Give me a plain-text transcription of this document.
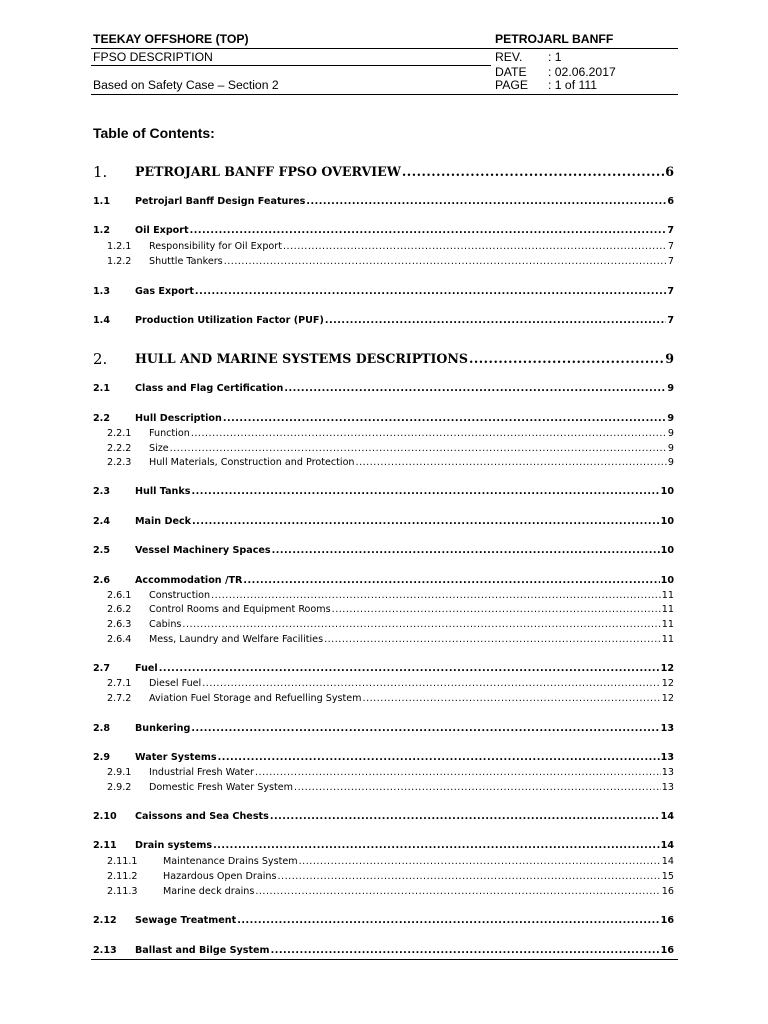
TEEKAY OFFSHORE (TOP)	PETROJARL BANFF
FPSO DESCRIPTION	REV. : 1
DATE : 02.06.2017
Based on Safety Case – Section 2	PAGE : 1 of 111
Table of Contents:
1. PETROJARL BANFF FPSO OVERVIEW .....	6
1.1	Petrojarl Banff Design Features .....	6
1.2	Oil Export .....	7
1.2.1 Responsibility for Oil Export .....	7
1.2.2 Shuttle Tankers .....	7
1.3	Gas Export .....	7
1.4	Production Utilization Factor (PUF) .....	7
2. HULL AND MARINE SYSTEMS DESCRIPTIONS .....	9
2.1	Class and Flag Certification .....	9
2.2	Hull Description .....	9
2.2.1 Function .....	9
2.2.2 Size .....	9
2.2.3 Hull Materials, Construction and Protection .....	9
2.3	Hull Tanks .....	10
2.4	Main Deck .....	10
2.5	Vessel Machinery Spaces .....	10
2.6	Accommodation /TR .....	10
2.6.1 Construction .....	11
2.6.2 Control Rooms and Equipment Rooms .....	11
2.6.3 Cabins .....	11
2.6.4 Mess, Laundry and Welfare Facilities .....	11
2.7	Fuel .....	12
2.7.1 Diesel Fuel .....	12
2.7.2 Aviation Fuel Storage and Refuelling System .....	12
2.8	Bunkering .....	13
2.9	Water Systems .....	13
2.9.1 Industrial Fresh Water .....	13
2.9.2 Domestic Fresh Water System .....	13
2.10 Caissons and Sea Chests .....	14
2.11 Drain systems .....	14
2.11.1	Maintenance Drains System .....	14
2.11.2	Hazardous Open Drains .....	15
2.11.3	Marine deck drains .....	16
2.12 Sewage Treatment .....	16
2.13 Ballast and Bilge System .....	16
